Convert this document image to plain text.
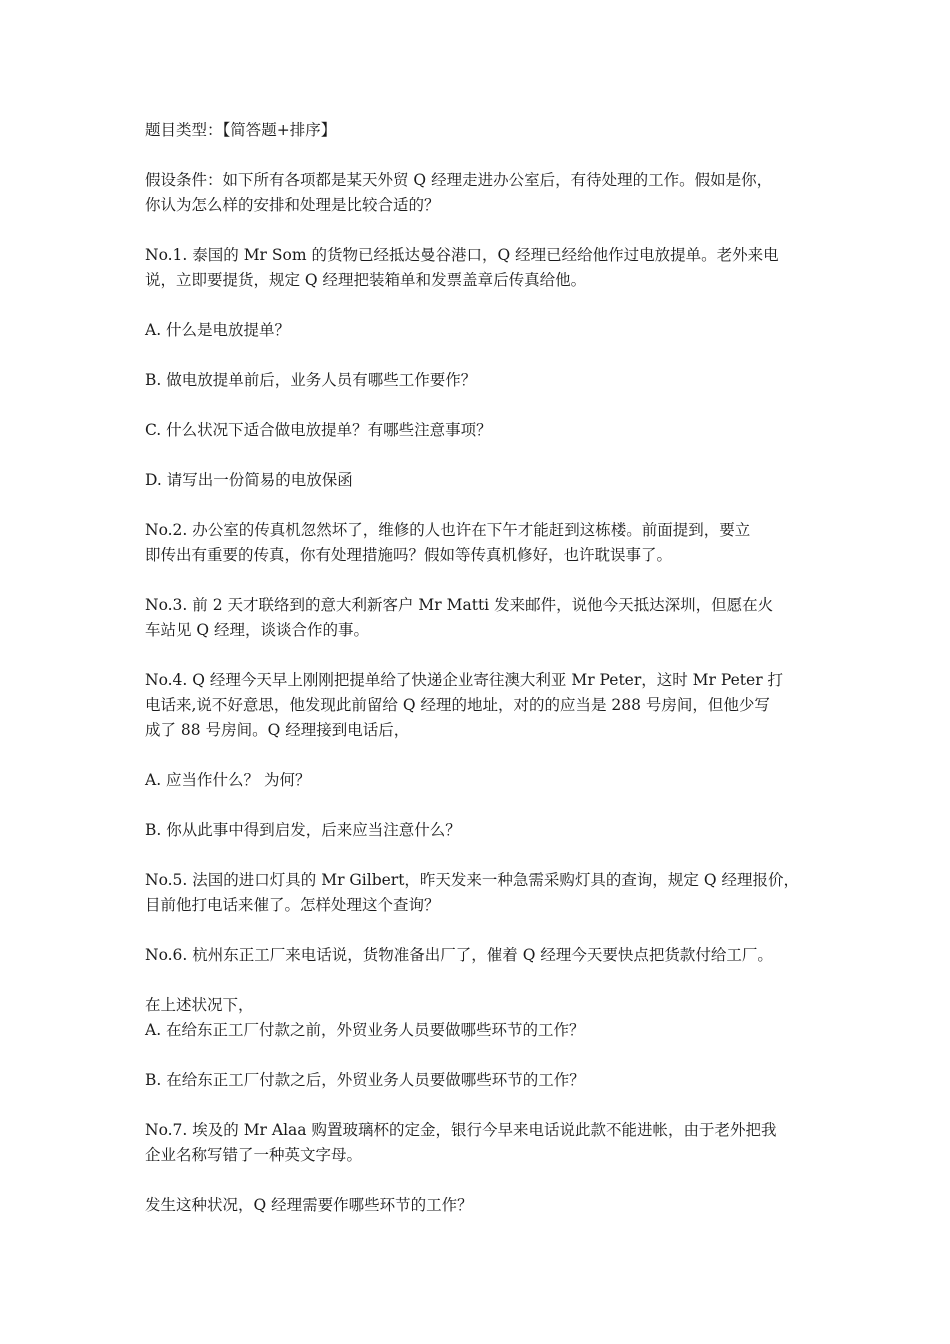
题目类型：【简答题+排序】

假设条件：如下所有各项都是某天外贸 Q 经理走进办公室后，有待处理的工作。假如是你，
你认为怎么样的安排和处理是比较合适的？

No.1. 泰国的 Mr Som 的货物已经抵达曼谷港口，Q 经理已经给他作过电放提单。老外来电
说，立即要提货，规定 Q 经理把装箱单和发票盖章后传真给他。

A. 什么是电放提单？

B. 做电放提单前后，业务人员有哪些工作要作？

C. 什么状况下适合做电放提单？有哪些注意事项？

D. 请写出一份简易的电放保函

No.2. 办公室的传真机忽然坏了，维修的人也许在下午才能赶到这栋楼。前面提到，要立
即传出有重要的传真，你有处理措施吗？假如等传真机修好，也许耽误事了。

No.3. 前 2 天才联络到的意大利新客户 Mr Matti 发来邮件，说他今天抵达深圳，但愿在火
车站见 Q 经理，谈谈合作的事。

No.4. Q 经理今天早上刚刚把提单给了快递企业寄往澳大利亚 Mr Peter，这时 Mr Peter 打
电话来,说不好意思，他发现此前留给 Q 经理的地址，对的的应当是 288 号房间，但他少写
成了 88 号房间。Q 经理接到电话后，

A. 应当作什么？ 为何？

B. 你从此事中得到启发，后来应当注意什么？

No.5. 法国的进口灯具的 Mr Gilbert，昨天发来一种急需采购灯具的查询，规定 Q 经理报价，
目前他打电话来催了。怎样处理这个查询？

No.6. 杭州东正工厂来电话说，货物准备出厂了，催着 Q 经理今天要快点把货款付给工厂。

在上述状况下，
A. 在给东正工厂付款之前，外贸业务人员要做哪些环节的工作？

B. 在给东正工厂付款之后，外贸业务人员要做哪些环节的工作？

No.7. 埃及的 Mr Alaa 购置玻璃杯的定金，银行今早来电话说此款不能进帐，由于老外把我
企业名称写错了一种英文字母。

发生这种状况，Q 经理需要作哪些环节的工作？
